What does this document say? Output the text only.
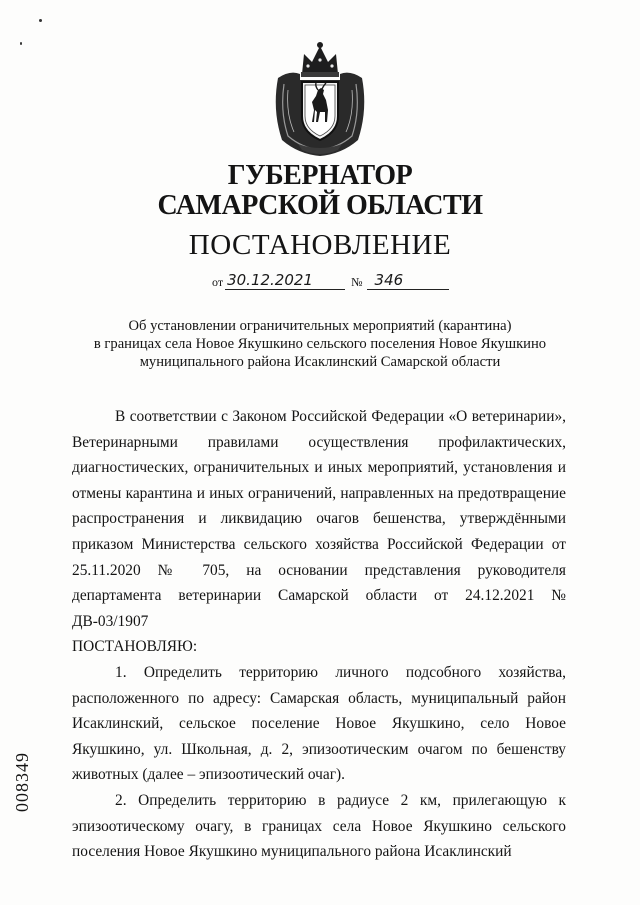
ГУБЕРНАТОР
САМАРСКОЙ ОБЛАСТИ
ПОСТАНОВЛЕНИЕ
от 30.12.2021	№ 346
Об установлении ограничительных мероприятий (карантина)
в границах села Новое Якушкино сельского поселения Новое Якушкино
муниципального района Исаклинский Самарской области

В соответствии с Законом Российской Федерации «О ветеринарии», Ветеринарными правилами осуществления профилактических, диагностических, ограничительных и иных мероприятий, установления и отмены карантина и иных ограничений, направленных на предотвращение распространения и ликвидацию очагов бешенства, утверждёнными приказом Министерства сельского хозяйства Российской Федерации от 25.11.2020 № 705, на основании представления руководителя департамента ветеринарии Самарской области от 24.12.2021 № ДВ-03/1907

ПОСТАНОВЛЯЮ:

1. Определить территорию личного подсобного хозяйства, расположенного по адресу: Самарская область, муниципальный район Исаклинский, сельское поселение Новое Якушкино, село Новое Якушкино, ул. Школьная, д. 2, эпизоотическим очагом по бешенству животных (далее – эпизоотический очаг).

2. Определить территорию в радиусе 2 км, прилегающую к эпизоотическому очагу, в границах села Новое Якушкино сельского поселения Новое Якушкино муниципального района Исаклинский

008349
